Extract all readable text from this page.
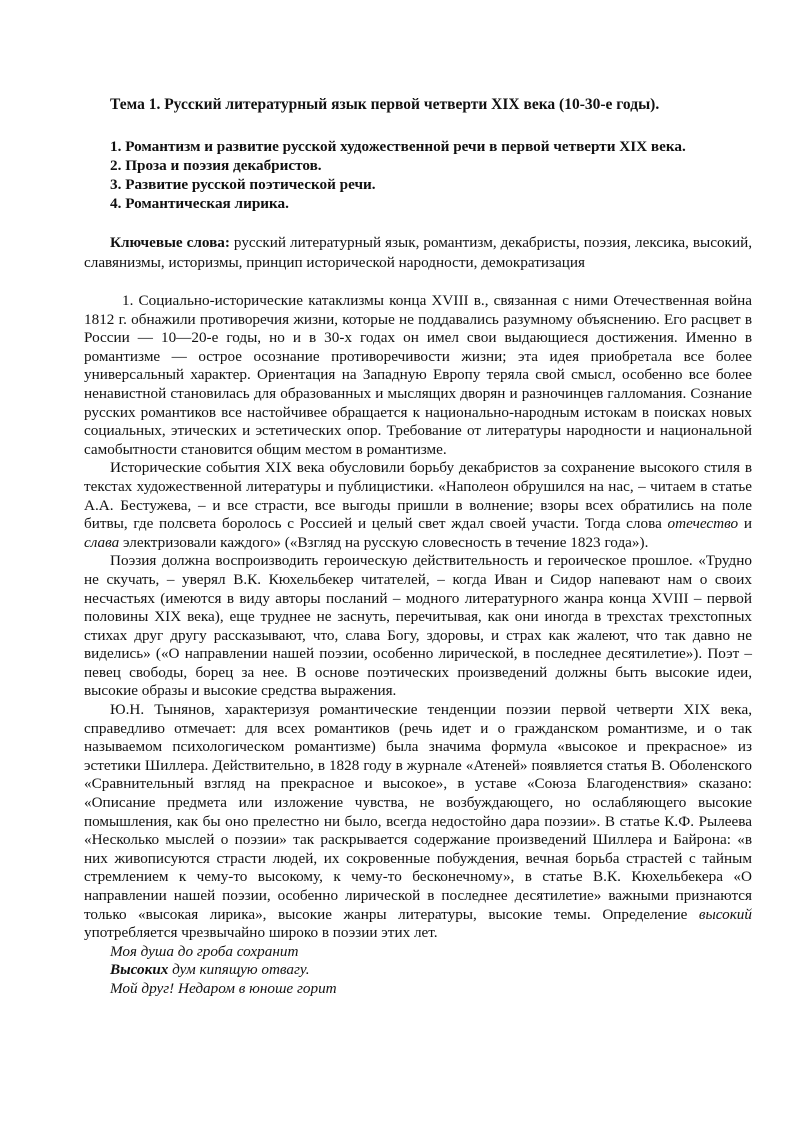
Тема 1. Русский литературный язык первой четверти XIX века (10-30-е годы).
1. Романтизм и развитие русской художественной речи в первой четверти XIX века.
2. Проза и поэзия декабристов.
3. Развитие русской поэтической речи.
4. Романтическая лирика.
Ключевые слова: русский литературный язык, романтизм, декабристы, поэзия, лексика, высокий, славянизмы, историзмы, принцип исторической народности, демократизация

1. Социально-исторические катаклизмы конца XVIII в., связанная с ними Отечественная война 1812 г. обнажили противоречия жизни, которые не поддавались разумному объяснению. Его расцвет в России — 10—20-е годы, но и в 30-х годах он имел свои выдающиеся достижения. Именно в романтизме — острое осознание противоречивости жизни; эта идея приобретала все более универсальный характер. Ориентация на Западную Европу теряла свой смысл, особенно все более ненавистной становилась для образованных и мыслящих дворян и разночинцев галломания. Сознание русских романтиков все настойчивее обращается к национально-народным истокам в поисках новых социальных, этических и эстетических опор. Требование от литературы народности и национальной самобытности становится общим местом в романтизме.

Исторические события XIX века обусловили борьбу декабристов за сохранение высокого стиля в текстах художественной литературы и публицистики. «Наполеон обрушился на нас, – читаем в статье А.А. Бестужева, – и все страсти, все выгоды пришли в волнение; взоры всех обратились на поле битвы, где полсвета боролось с Россией и целый свет ждал своей участи. Тогда слова отечество и слава электризовали каждого» («Взгляд на русскую словесность в течение 1823 года»).

Поэзия должна воспроизводить героическую действительность и героическое прошлое. «Трудно не скучать, – уверял В.К. Кюхельбекер читателей, – когда Иван и Сидор напевают нам о своих несчастьях (имеются в виду авторы посланий – модного литературного жанра конца XVIII – первой половины XIX века), еще труднее не заснуть, перечитывая, как они иногда в трехстах трехстопных стихах друг другу рассказывают, что, слава Богу, здоровы, и страх как жалеют, что так давно не виделись» («О направлении нашей поэзии, особенно лирической, в последнее десятилетие»). Поэт – певец свободы, борец за нее. В основе поэтических произведений должны быть высокие идеи, высокие образы и высокие средства выражения.

Ю.Н. Тынянов, характеризуя романтические тенденции поэзии первой четверти XIX века, справедливо отмечает: для всех романтиков (речь идет и о гражданском романтизме, и о так называемом психологическом романтизме) была значима формула «высокое и прекрасное» из эстетики Шиллера. Действительно, в 1828 году в журнале «Атеней» появляется статья В. Оболенского «Сравнительный взгляд на прекрасное и высокое», в уставе «Союза Благоденствия» сказано: «Описание предмета или изложение чувства, не возбуждающего, но ослабляющего высокие помышления, как бы оно прелестно ни было, всегда недостойно дара поэзии». В статье К.Ф. Рылеева «Несколько мыслей о поэзии» так раскрывается содержание произведений Шиллера и Байрона: «в них живописуются страсти людей, их сокровенные побуждения, вечная борьба страстей с тайным стремлением к чему-то высокому, к чему-то бесконечному», в статье В.К. Кюхельбекера «О направлении нашей поэзии, особенно лирической в последнее десятилетие» важными признаются только «высокая лирика», высокие жанры литературы, высокие темы. Определение высокий употребляется чрезвычайно широко в поэзии этих лет.

Моя душа до гроба сохранит
Высоких дум кипящую отвагу.
Мой друг! Недаром в юноше горит
